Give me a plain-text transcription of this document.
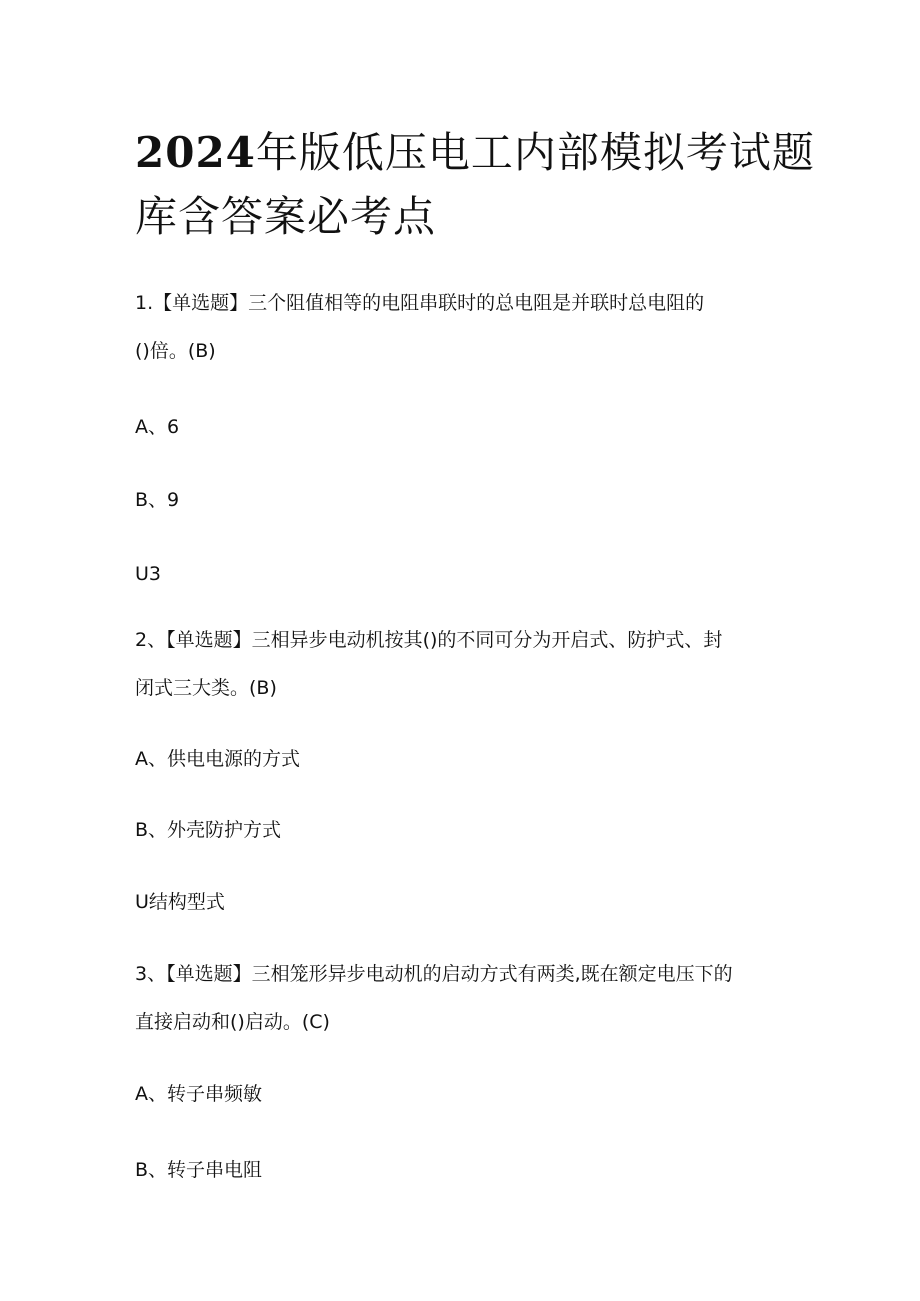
2024年版低压电工内部模拟考试题
库含答案必考点
1.【单选题】三个阻值相等的电阻串联时的总电阻是并联时总电阻的
()倍。(B)
A、6
B、9
U3
2、【单选题】三相异步电动机按其()的不同可分为开启式、防护式、封
闭式三大类。(B)
A、供电电源的方式
B、外壳防护方式
U结构型式
3、【单选题】三相笼形异步电动机的启动方式有两类,既在额定电压下的
直接启动和()启动。(C)
A、转子串频敏
B、转子串电阻
